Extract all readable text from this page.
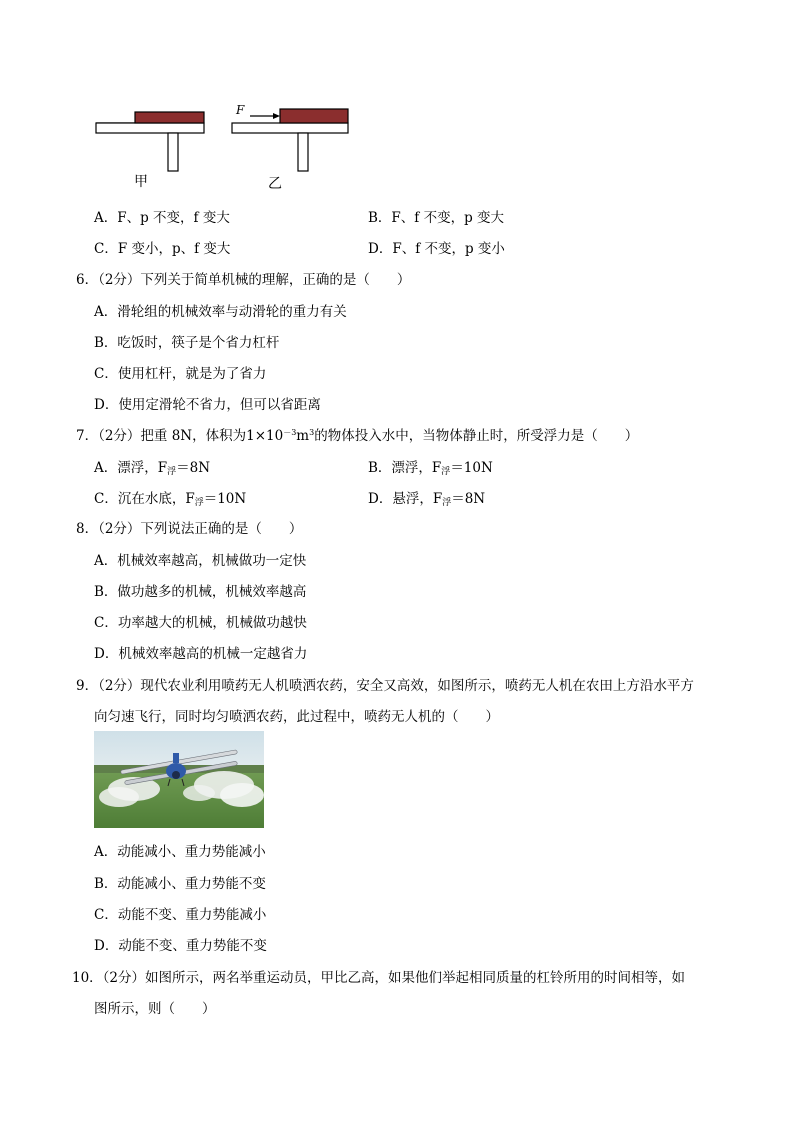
F
甲	乙
A．F、p 不变，f 变大	B．F、f 不变，p 变大
C．F 变小，p、f 变大	D．F、f 不变，p 变小
6．（2分）下列关于简单机械的理解，正确的是（　　）
A．滑轮组的机械效率与动滑轮的重力有关
B．吃饭时，筷子是个省力杠杆
C．使用杠杆，就是为了省力
D．使用定滑轮不省力，但可以省距离
7．（2分）把重 8N，体积为$1\times 10^{-3}m^3$的物体投入水中，当物体静止时，所受浮力是（　　）
A．漂浮，$F_浮=8N$	B．漂浮，$F_浮=10N$
C．沉在水底，$F_浮=10N$	D．悬浮，$F_浮=8N$
8．（2分）下列说法正确的是（　　）
A．机械效率越高，机械做功一定快
B．做功越多的机械，机械效率越高
C．功率越大的机械，机械做功越快
D．机械效率越高的机械一定越省力
9．（2分）现代农业利用喷药无人机喷洒农药，安全又高效，如图所示，喷药无人机在农田上方沿水平方
向匀速飞行，同时均匀喷洒农药，此过程中，喷药无人机的（　　）
A．动能减小、重力势能减小
B．动能减小、重力势能不变
C．动能不变、重力势能减小
D．动能不变、重力势能不变
10．（2分）如图所示，两名举重运动员，甲比乙高，如果他们举起相同质量的杠铃所用的时间相等，如
图所示，则（　　）
